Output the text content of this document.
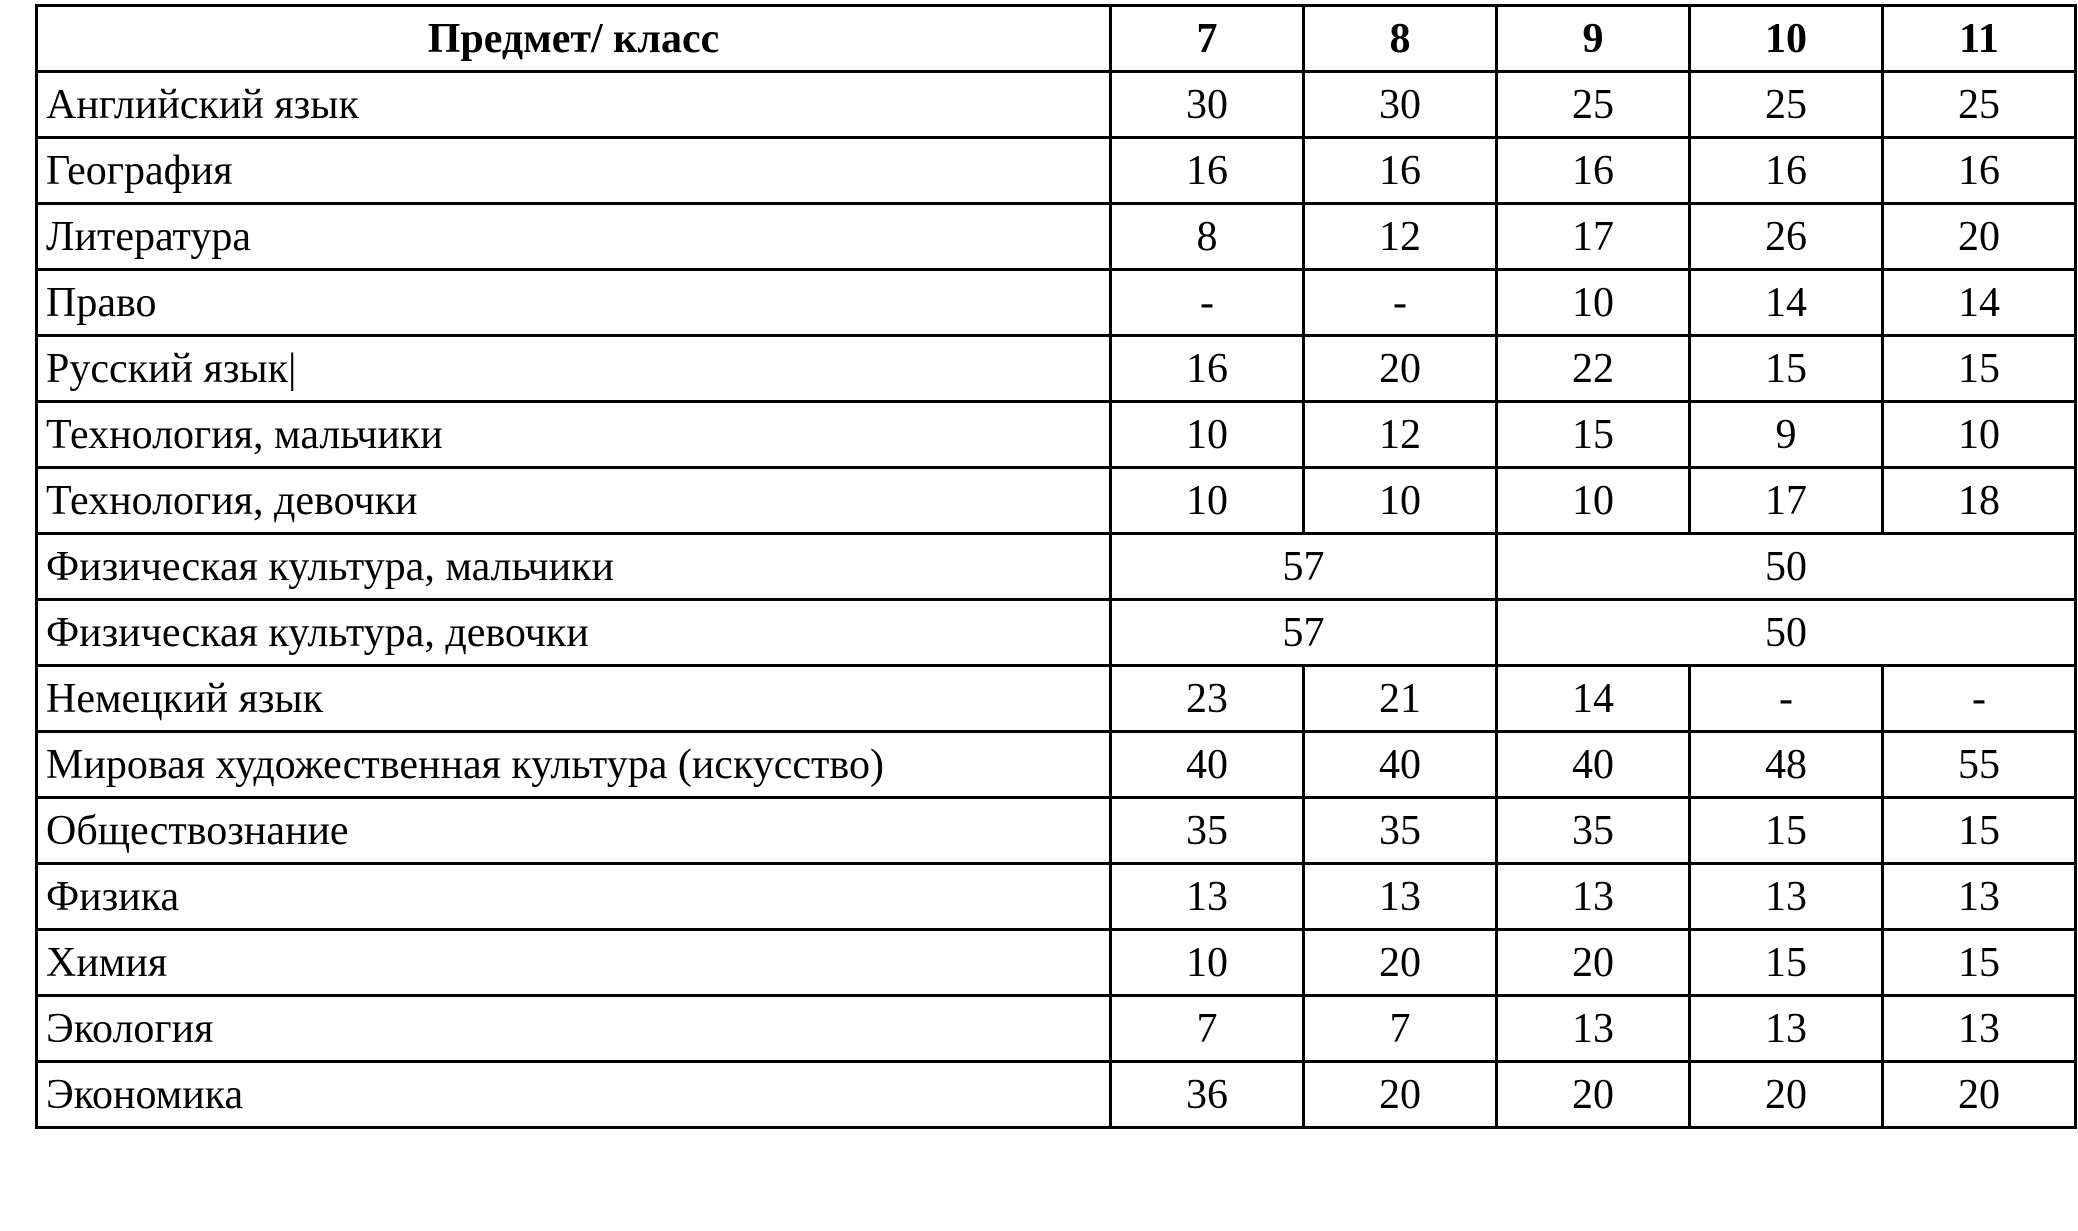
Предмет/ класс	7	8	9	10	11
Английский язык	30	30	25	25	25
География	16	16	16	16	16
Литература	8	12	17	26	20
Право	-	-	10	14	14
Русский язык|	16	20	22	15	15
Технология, мальчики	10	12	15	9	10
Технология, девочки	10	10	10	17	18
Физическая культура, мальчики	57		50		
Физическая культура, девочки	57		50		
Немецкий язык	23	21	14	-	-
Мировая художественная культура (искусство)	40	40	40	48	55
Обществознание	35	35	35	15	15
Физика	13	13	13	13	13
Химия	10	20	20	15	15
Экология	7	7	13	13	13
Экономика	36	20	20	20	20
